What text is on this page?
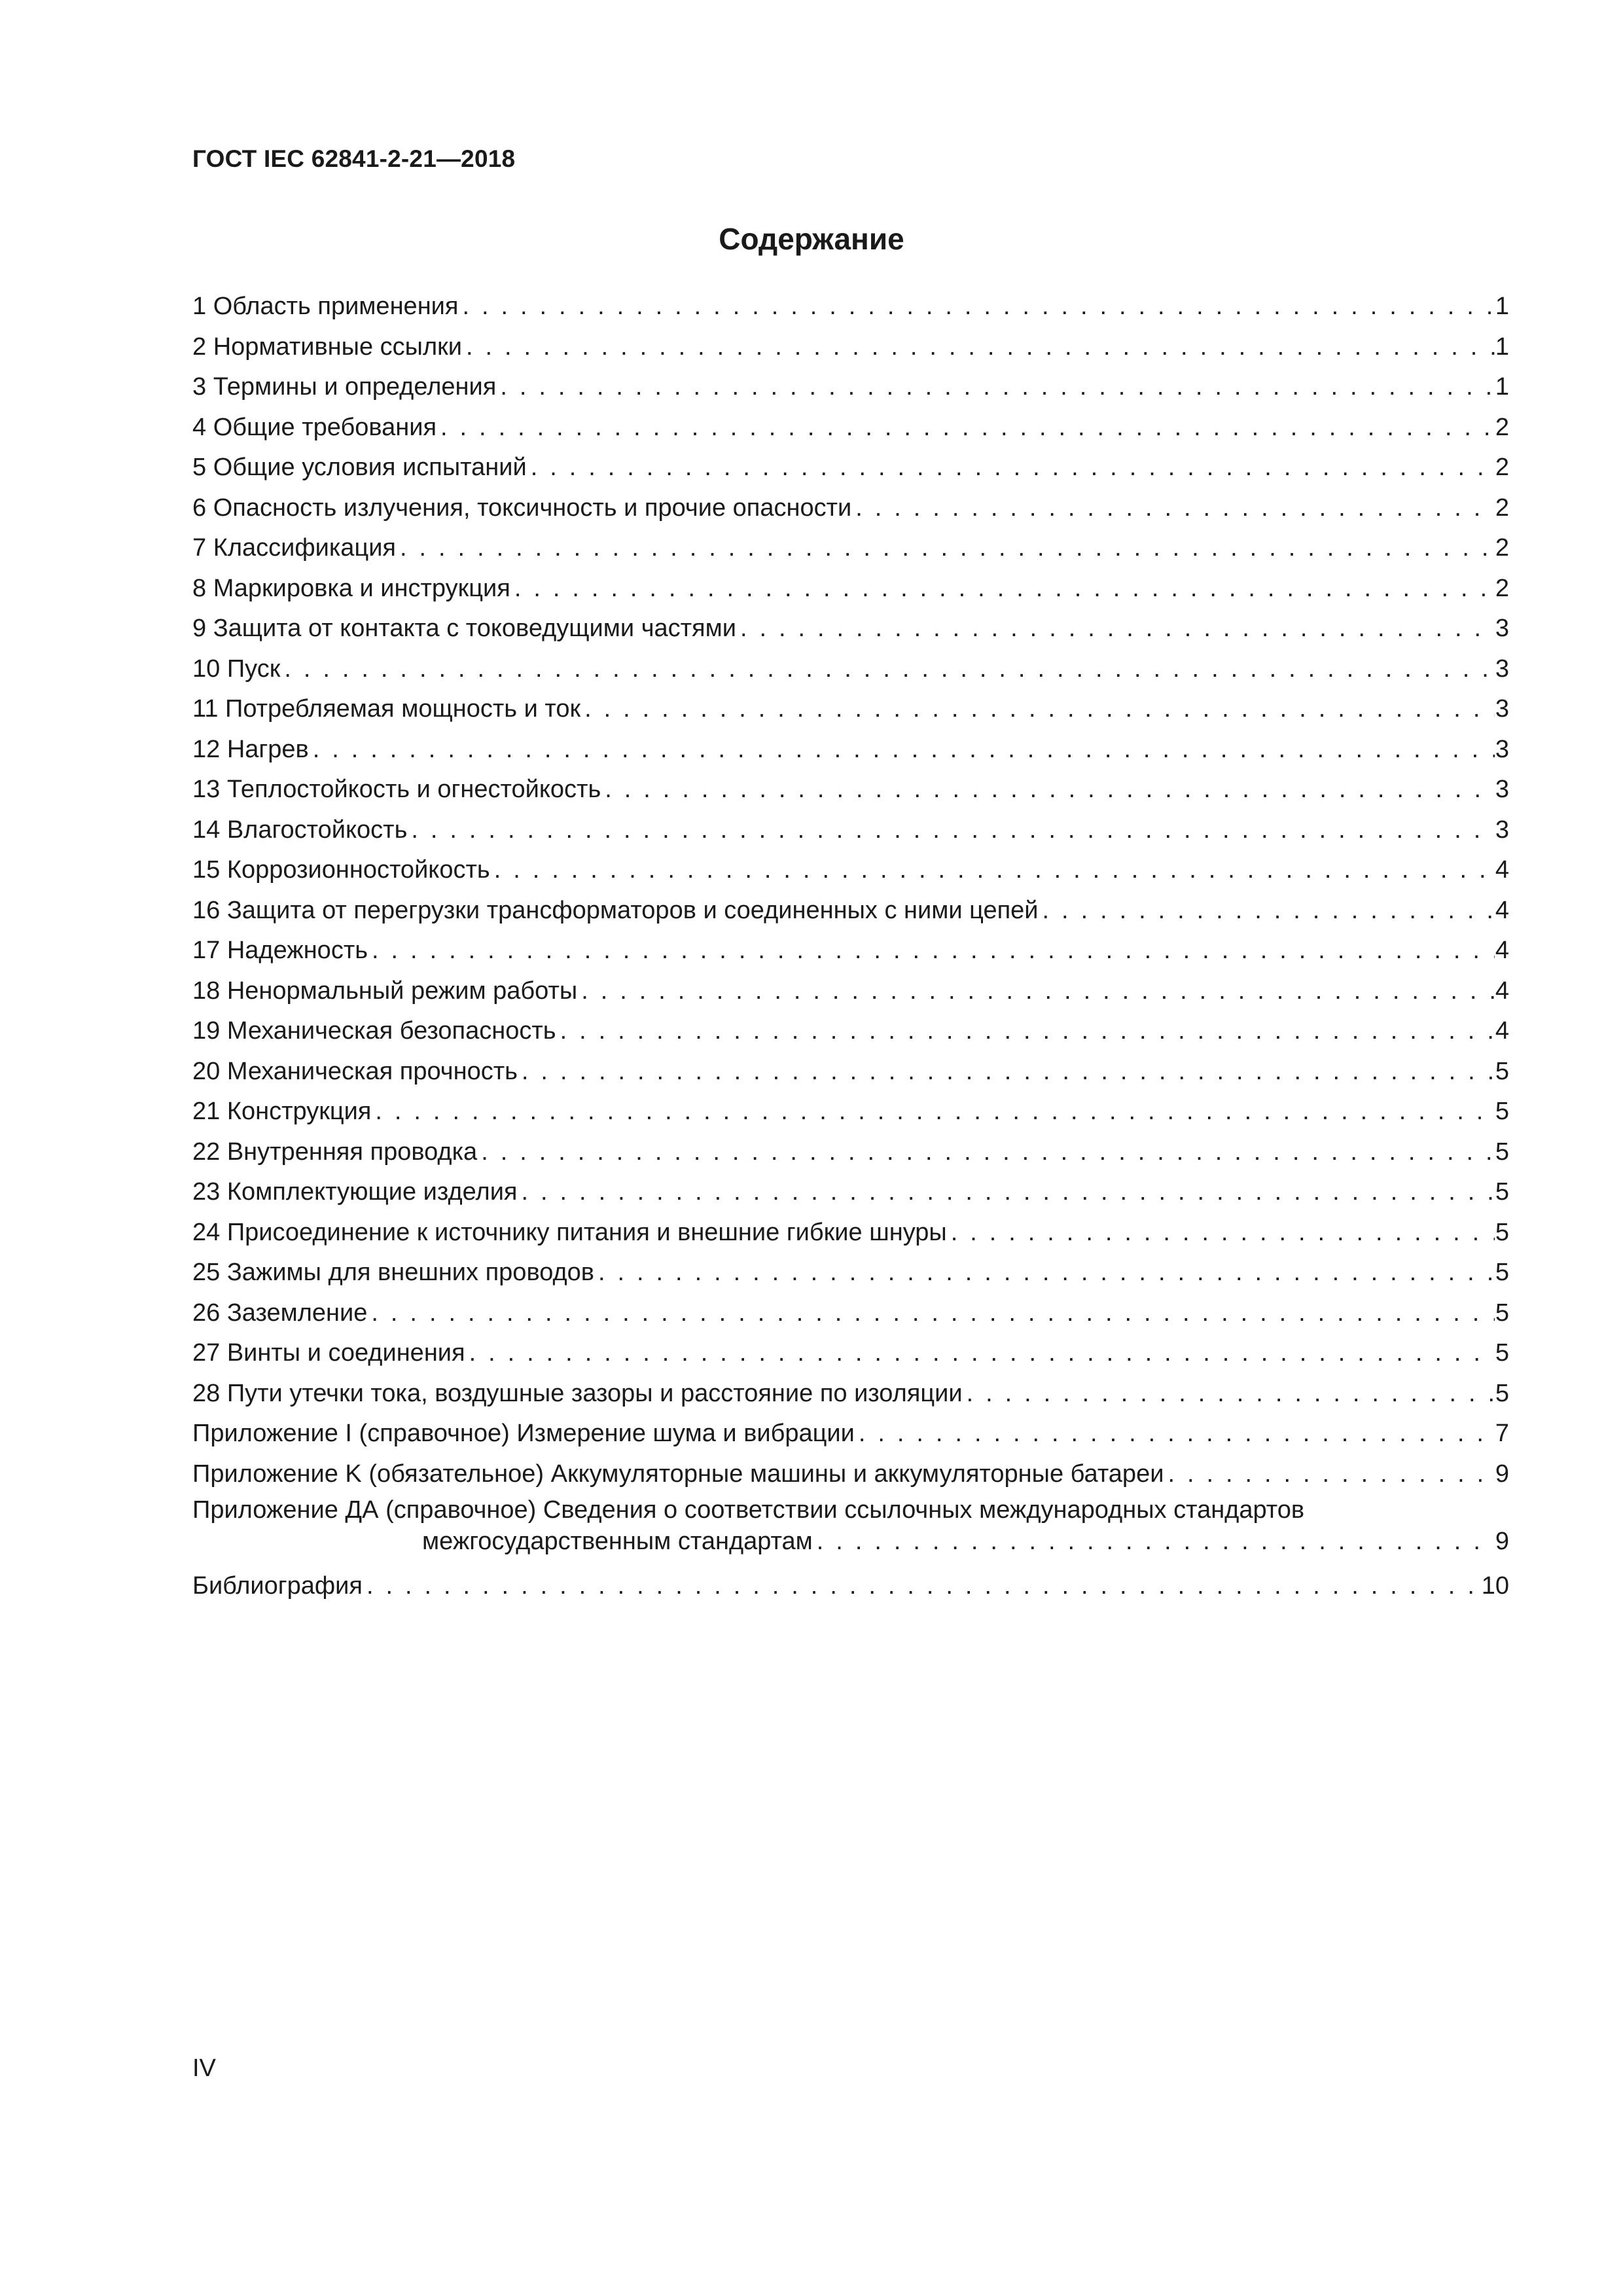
ГОСТ IEC 62841-2-21—2018
Содержание
1 Область применения . . .	1
2 Нормативные ссылки . . .	1
3 Термины и определения . . .	1
4 Общие требования . . .	2
5 Общие условия испытаний . . .	2
6 Опасность излучения, токсичность и прочие опасности . . .	2
7 Классификация . . .	2
8 Маркировка и инструкция . . .	2
9 Защита от контакта с токоведущими частями . . .	3
10 Пуск . . .	3
11 Потребляемая мощность и ток . . .	3
12 Нагрев . . .	3
13 Теплостойкость и огнестойкость . . .	3
14 Влагостойкость . . .	3
15 Коррозионностойкость . . .	4
16 Защита от перегрузки трансформаторов и соединенных с ними цепей . . .	4
17 Надежность . . .	4
18 Ненормальный режим работы . . .	4
19 Механическая безопасность . . .	4
20 Механическая прочность . . .	5
21 Конструкция . . .	5
22 Внутренняя проводка . . .	5
23 Комплектующие изделия . . .	5
24 Присоединение к источнику питания и внешние гибкие шнуры . . .	5
25 Зажимы для внешних проводов . . .	5
26 Заземление . . .	5
27 Винты и соединения . . .	5
28 Пути утечки тока, воздушные зазоры и расстояние по изоляции . . .	5
Приложение I (справочное) Измерение шума и вибрации . . .	7
Приложение K (обязательное) Аккумуляторные машины и аккумуляторные батареи . . .	9
Приложение ДА (справочное) Сведения о соответствии ссылочных международных стандартов
межгосударственным стандартам . . .	9
Библиография . . .	10
IV
